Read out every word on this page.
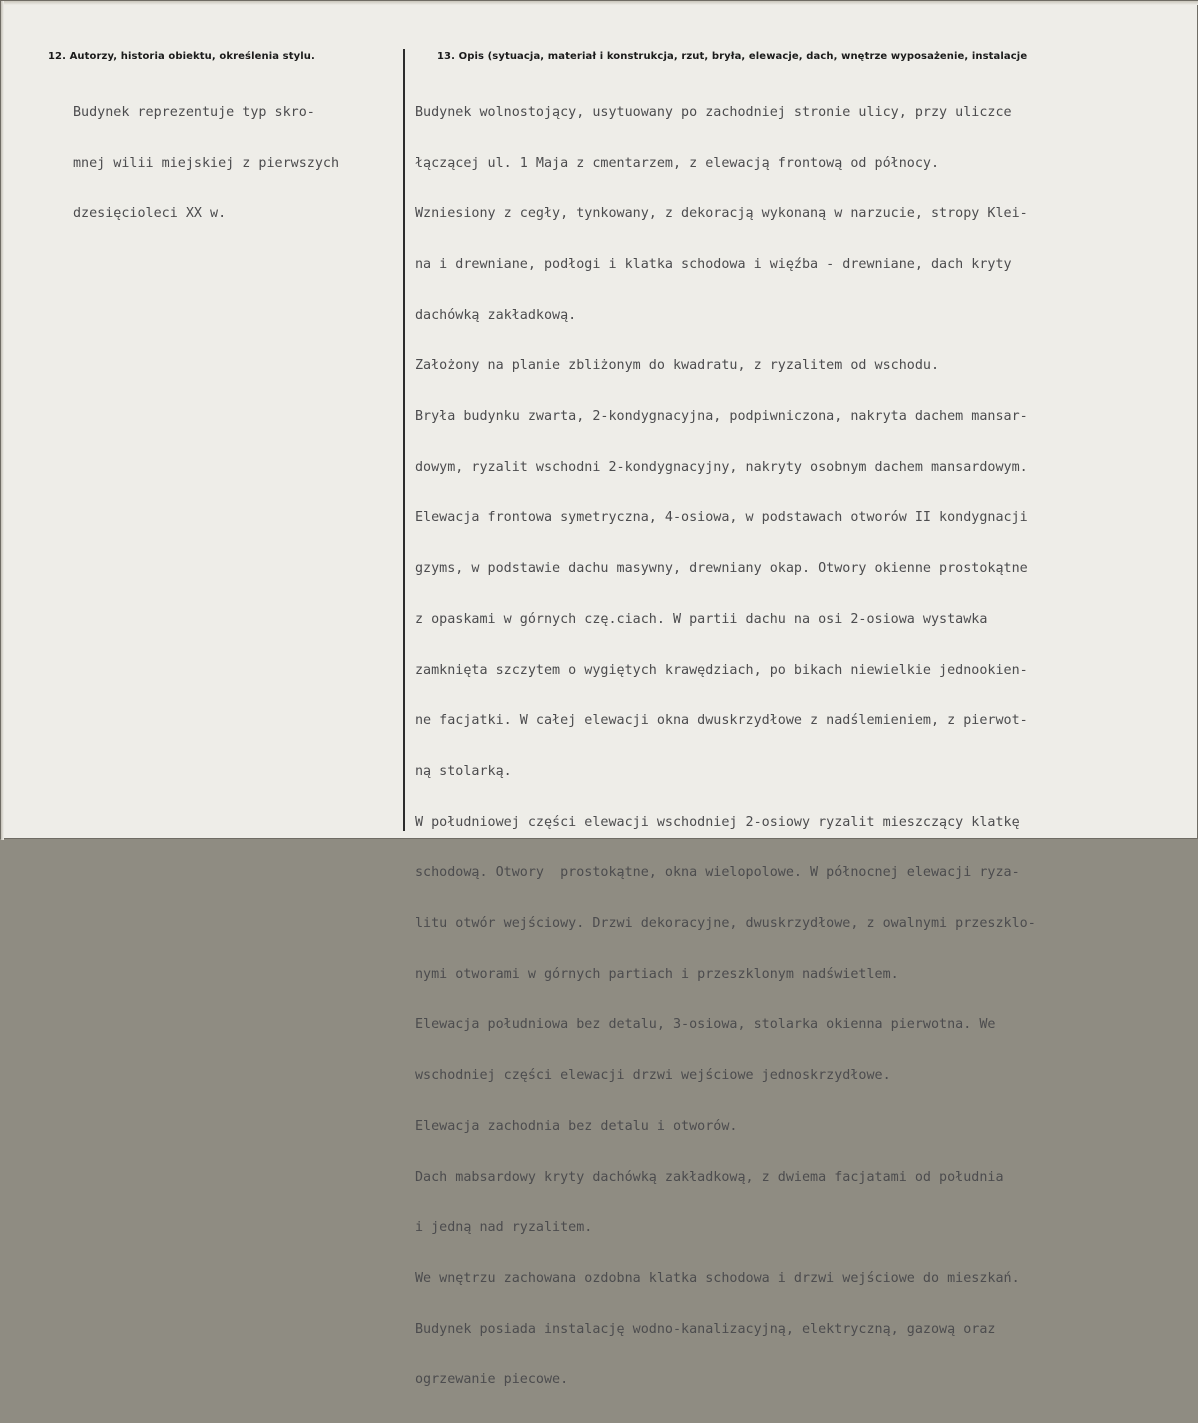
12. Autorzy, historia obiektu, określenia stylu.	13. Opis (sytuacja, materiał i konstrukcja, rzut, bryła, elewacje, dach, wnętrze wyposażenie, instalacje

Budynek reprezentuje typ skro-

mnej wilii miejskiej z pierwszych

dzesięcioleci XX w.

Budynek wolnostojący, usytuowany po zachodniej stronie ulicy, przy uliczce

łączącej ul. 1 Maja z cmentarzem, z elewacją frontową od północy.

Wzniesiony z cegły, tynkowany, z dekoracją wykonaną w narzucie, stropy Klei-

na i drewniane, podłogi i klatka schodowa i więźba - drewniane, dach kryty

dachówką zakładkową.

Założony na planie zbliżonym do kwadratu, z ryzalitem od wschodu.

Bryła budynku zwarta, 2-kondygnacyjna, podpiwniczona, nakryta dachem mansar-

dowym, ryzalit wschodni 2-kondygnacyjny, nakryty osobnym dachem mansardowym.

Elewacja frontowa symetryczna, 4-osiowa, w podstawach otworów II kondygnacji

gzyms, w podstawie dachu masywny, drewniany okap. Otwory okienne prostokątne

z opaskami w górnych czę.ciach. W partii dachu na osi 2-osiowa wystawka

zamknięta szczytem o wygiętych krawędziach, po bikach niewielkie jednookien-

ne facjatki. W całej elewacji okna dwuskrzydłowe z nadślemieniem, z pierwot-

ną stolarką.

W południowej części elewacji wschodniej 2-osiowy ryzalit mieszczący klatkę

schodową. Otwory  prostokątne, okna wielopolowe. W północnej elewacji ryza-

litu otwór wejściowy. Drzwi dekoracyjne, dwuskrzydłowe, z owalnymi przeszklo-

nymi otworami w górnych partiach i przeszklonym nadświetlem.

Elewacja południowa bez detalu, 3-osiowa, stolarka okienna pierwotna. We

wschodniej części elewacji drzwi wejściowe jednoskrzydłowe.

Elewacja zachodnia bez detalu i otworów.

Dach mabsardowy kryty dachówką zakładkową, z dwiema facjatami od południa

i jedną nad ryzalitem.

We wnętrzu zachowana ozdobna klatka schodowa i drzwi wejściowe do mieszkań.

Budynek posiada instalację wodno-kanalizacyjną, elektryczną, gazową oraz

ogrzewanie piecowe.
